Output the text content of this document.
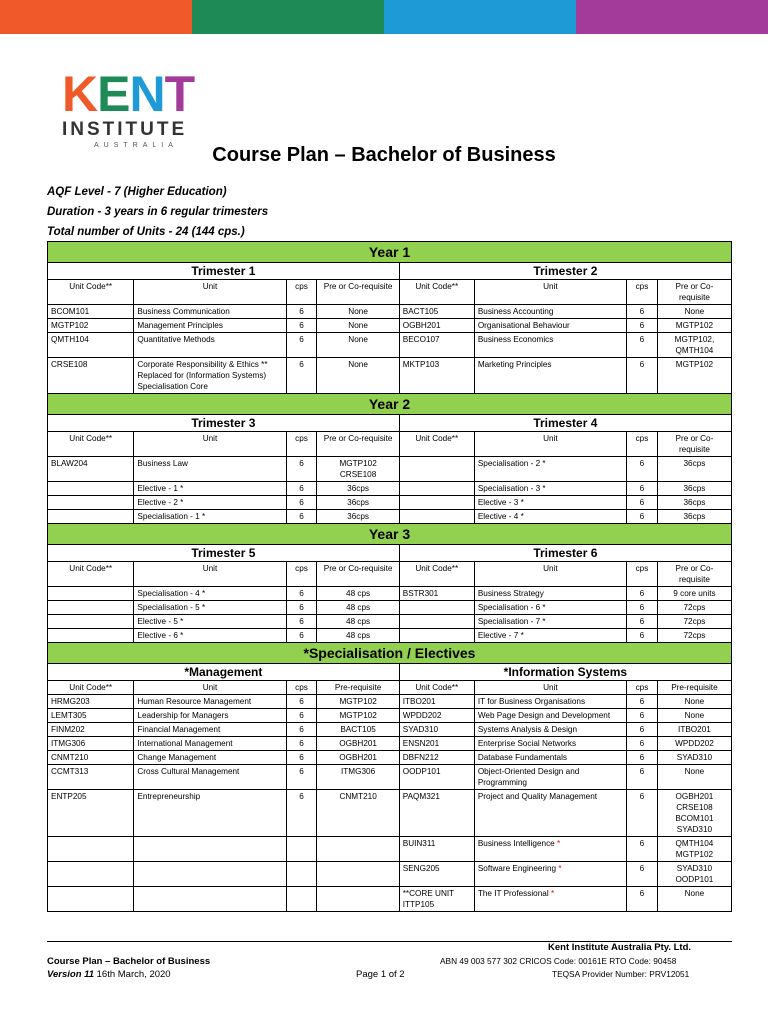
K E N T
INSTITUTE
AUSTRALIA	Course Plan – Bachelor of Business
AQF Level - 7 (Higher Education)
Duration - 3 years in 6 regular trimesters
Total number of Units - 24 (144 cps.)
Year 1							
Trimester 1				Trimester 2			
Unit Code**	Unit	cps	Pre or Co-requisite	Unit Code**	Unit	cps	Pre or Co-requisite
BCOM101	Business Communication	6	None	BACT105	Business Accounting	6	None
MGTP102	Management Principles	6	None	OGBH201	Organisational Behaviour	6	MGTP102
QMTH104	Quantitative Methods	6	None	BECO107	Business Economics	6	MGTP102, QMTH104
CRSE108	Corporate Responsibility & Ethics ** Replaced for (Information Systems) Specialisation Core	6	None	MKTP103	Marketing Principles	6	MGTP102
Year 2							
Trimester 3				Trimester 4			
Unit Code**	Unit	cps	Pre or Co-requisite	Unit Code**	Unit	cps	Pre or Co-requisite
BLAW204	Business Law	6	MGTP102 CRSE108		Specialisation - 2 *	6	36cps
	Elective - 1 *	6	36cps		Specialisation - 3 *	6	36cps
	Elective - 2 *	6	36cps		Elective - 3 *	6	36cps
	Specialisation - 1 *	6	36cps		Elective - 4 *	6	36cps
Year 3							
Trimester 5				Trimester 6			
Unit Code**	Unit	cps	Pre or Co-requisite	Unit Code**	Unit	cps	Pre or Co-requisite
	Specialisation - 4 *	6	48 cps	BSTR301	Business Strategy	6	9 core units
	Specialisation - 5 *	6	48 cps		Specialisation - 6 *	6	72cps
	Elective - 5 *	6	48 cps		Specialisation - 7 *	6	72cps
	Elective - 6 *	6	48 cps		Elective - 7 *	6	72cps
*Specialisation / Electives							
*Management				*Information Systems			
Unit Code**	Unit	cps	Pre-requisite	Unit Code**	Unit	cps	Pre-requisite
HRMG203	Human Resource Management	6	MGTP102	ITBO201	IT for Business Organisations	6	None
LEMT305	Leadership for Managers	6	MGTP102	WPDD202	Web Page Design and Development	6	None
FINM202	Financial Management	6	BACT105	SYAD310	Systems Analysis & Design	6	ITBO201
ITMG306	International Management	6	OGBH201	ENSN201	Enterprise Social Networks	6	WPDD202
CNMT210	Change Management	6	OGBH201	DBFN212	Database Fundamentals	6	SYAD310
CCMT313	Cross Cultural Management	6	ITMG306	OODP101	Object-Oriented Design and Programming	6	None
ENTP205	Entrepreneurship	6	CNMT210	PAQM321	Project and Quality Management	6	OGBH201 CRSE108 BCOM101 SYAD310
				BUIN311	Business Intelligence *	6	QMTH104 MGTP102
				SENG205	Software Engineering *	6	SYAD310 OODP101
				**CORE UNIT ITTP105	The IT Professional *	6	None
Kent Institute Australia Pty. Ltd.
Course Plan – Bachelor of Business
Version 11 16th March, 2020	Page 1 of 2
ABN 49 003 577 302 CRICOS Code: 00161E RTO Code: 90458
TEQSA Provider Number: PRV12051
